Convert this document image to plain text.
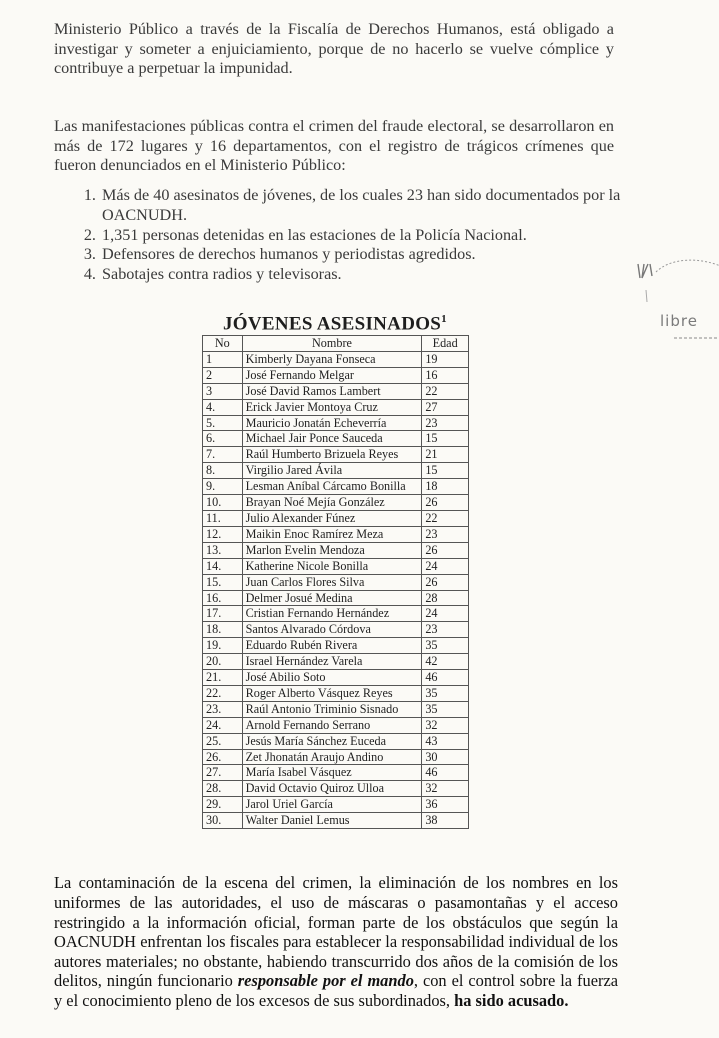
Ministerio Público a través de la Fiscalía de Derechos Humanos, está obligado a investigar y someter a enjuiciamiento, porque de no hacerlo se vuelve cómplice y contribuye a perpetuar la impunidad.

Las manifestaciones públicas contra el crimen del fraude electoral, se desarrollaron en más de 172 lugares y 16 departamentos, con el registro de trágicos crímenes que fueron denunciados en el Ministerio Público:

1. Más de 40 asesinatos de jóvenes, de los cuales 23 han sido documentados por la OACNUDH.
2. 1,351 personas detenidas en las estaciones de la Policía Nacional.
3. Defensores de derechos humanos y periodistas agredidos.
4. Sabotajes contra radios y televisoras.
JÓVENES ASESINADOS$^1$
No	Nombre	Edad
1	Kimberly Dayana Fonseca	19
2	José Fernando Melgar	16
3	José David Ramos Lambert	22
4.	Erick Javier Montoya Cruz	27
5.	Mauricio Jonatán Echeverría	23
6.	Michael Jair Ponce Sauceda	15
7.	Raúl Humberto Brizuela Reyes	21
8.	Virgilio Jared Ávila	15
9.	Lesman Aníbal Cárcamo Bonilla	18
10.	Brayan Noé Mejía González	26
11.	Julio Alexander Fúnez	22
12.	Maikin Enoc Ramírez Meza	23
13.	Marlon Evelin Mendoza	26
14.	Katherine Nicole Bonilla	24
15.	Juan Carlos Flores Silva	26
16.	Delmer Josué Medina	28
17.	Cristian Fernando Hernández	24
18.	Santos Alvarado Córdova	23
19.	Eduardo Rubén Rivera	35
20.	Israel Hernández Varela	42
21.	José Abilio Soto	46
22.	Roger Alberto Vásquez Reyes	35
23.	Raúl Antonio Triminio Sisnado	35
24.	Arnold Fernando Serrano	32
25.	Jesús María Sánchez Euceda	43
26.	Zet Jhonatán Araujo Andino	30
27.	María Isabel Vásquez	46
28.	David Octavio Quiroz Ulloa	32
29.	Jarol Uriel García	36
30.	Walter Daniel Lemus	38

La contaminación de la escena del crimen, la eliminación de los nombres en los uniformes de las autoridades, el uso de máscaras o pasamontañas y el acceso restringido a la información oficial, forman parte de los obstáculos que según la OACNUDH enfrentan los fiscales para establecer la responsabilidad individual de los autores materiales; no obstante, habiendo transcurrido dos años de la comisión de los delitos, ningún funcionario responsable por el mando, con el control sobre la fuerza y el conocimiento pleno de los excesos de sus subordinados, ha sido acusado.

libre
